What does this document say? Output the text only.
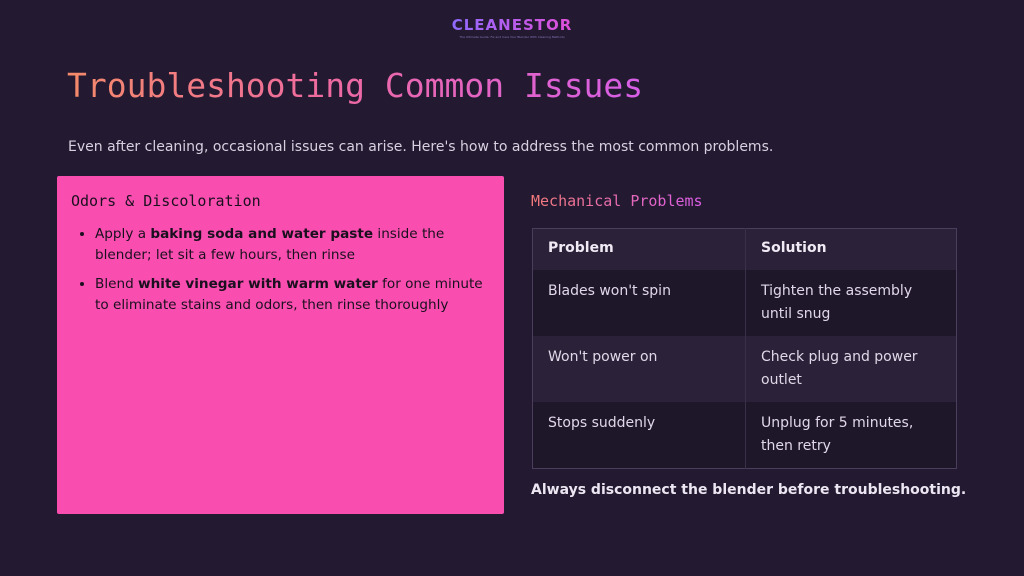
CLEANESTOR
The Ultimate Guide: Fix and Care Your Blender With Cleaning Methods
Troubleshooting Common Issues
Even after cleaning, occasional issues can arise. Here's how to address the most common problems.
Odors & Discoloration
• Apply a baking soda and water paste inside the blender; let sit a few hours, then rinse
• Blend white vinegar with warm water for one minute to eliminate stains and odors, then rinse thoroughly
Mechanical Problems
Problem	Solution
Blades won't spin	Tighten the assembly until snug
Won't power on	Check plug and power outlet
Stops suddenly	Unplug for 5 minutes, then retry
Always disconnect the blender before troubleshooting.
